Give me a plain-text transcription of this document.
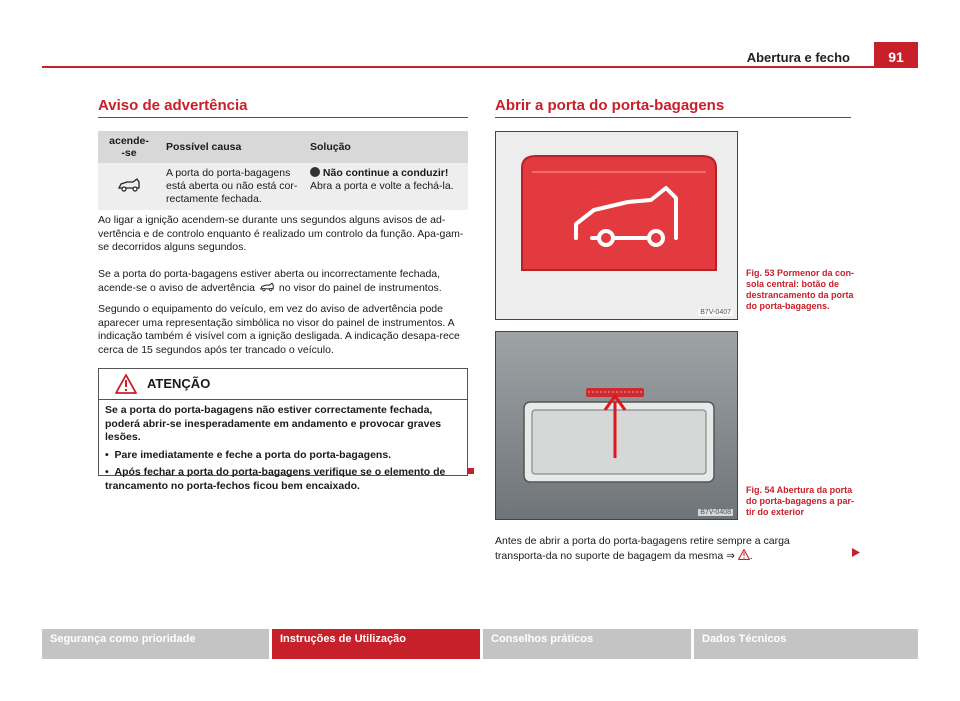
Abertura e fecho	91
Aviso de advertência
acende-
-se	Possível causa	Solução
	A porta do porta-bagagens está aberta ou não está cor-rectamente fechada.	Não continue a conduzir!
Abra a porta e volte a fechá-la.
Ao ligar a ignição acendem-se durante uns segundos alguns avisos de ad-vertência e de controlo enquanto é realizado um controlo da função. Apa-gam-se decorridos alguns segundos.
Se a porta do porta-bagagens estiver aberta ou incorrectamente fechada, acende-se o aviso de advertência no visor do painel de instrumentos.
Segundo o equipamento do veículo, em vez do aviso de advertência pode aparecer uma representação simbólica no visor do painel de instrumentos. A indicação também é visível com a ignição desligada. A indicação desapa-rece cerca de 15 segundos após ter trancado o veículo.
ATENÇÃO
Se a porta do porta-bagagens não estiver correctamente fechada, poderá abrir-se inesperadamente em andamento e provocar graves lesões.
•  Pare imediatamente e feche a porta do porta-bagagens.
•  Após fechar a porta do porta-bagagens verifique se o elemento de trancamento no porta-fechos ficou bem encaixado.
Abrir a porta do porta-bagagens
B7V-0407
Fig. 53 Pormenor da con-sola central: botão de destrancamento da porta do porta-bagagens.
B7V-0408
Fig. 54 Abertura da porta do porta-bagagens a par-tir do exterior
Antes de abrir a porta do porta-bagagens retire sempre a carga transporta-da no suporte de bagagem da mesma ⇒ .
Segurança como prioridade	Instruções de Utilização	Conselhos práticos	Dados Técnicos
